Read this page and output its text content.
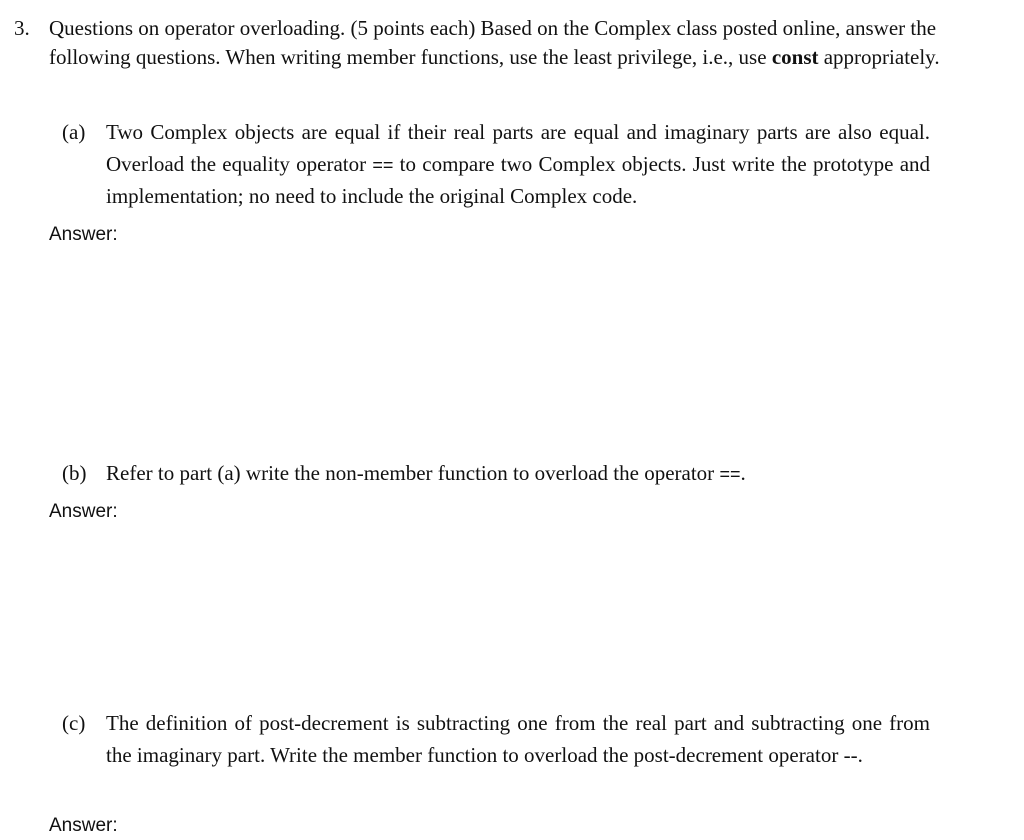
3. Questions on operator overloading. (5 points each) Based on the Complex class posted online, answer the following questions. When writing member functions, use the least privilege, i.e., use const appropriately.
(a) Two Complex objects are equal if their real parts are equal and imaginary parts are also equal. Overload the equality operator == to compare two Complex objects. Just write the prototype and implementation; no need to include the original Complex code.
Answer:
(b) Refer to part (a) write the non-member function to overload the operator ==.
Answer:
(c) The definition of post-decrement is subtracting one from the real part and subtracting one from the imaginary part. Write the member function to overload the post-decrement operator --.
Answer:
